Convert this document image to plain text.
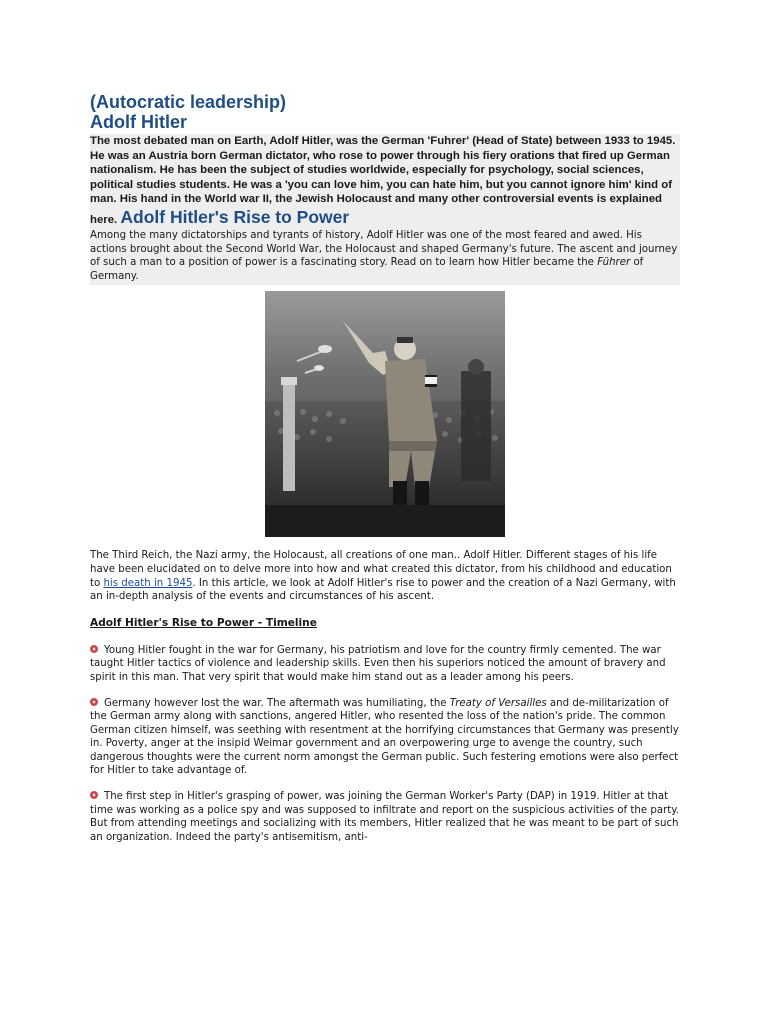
(Autocratic leadership)
Adolf Hitler
The most debated man on Earth, Adolf Hitler, was the German 'Fuhrer' (Head of State) between 1933 to 1945. He was an Austria born German dictator, who rose to power through his fiery orations that fired up German nationalism. He has been the subject of studies worldwide, especially for psychology, social sciences, political studies students. He was a 'you can love him, you can hate him, but you cannot ignore him' kind of man. His hand in the World war II, the Jewish Holocaust and many other controversial events is explained here. Adolf Hitler's Rise to Power
Among the many dictatorships and tyrants of history, Adolf Hitler was one of the most feared and awed. His actions brought about the Second World War, the Holocaust and shaped Germany's future. The ascent and journey of such a man to a position of power is a fascinating story. Read on to learn how Hitler became the Führer of Germany.

The Third Reich, the Nazi army, the Holocaust, all creations of one man.. Adolf Hitler. Different stages of his life have been elucidated on to delve more into how and what created this dictator, from his childhood and education to his death in 1945. In this article, we look at Adolf Hitler's rise to power and the creation of a Nazi Germany, with an in-depth analysis of the events and circumstances of his ascent.

Adolf Hitler's Rise to Power - Timeline

Young Hitler fought in the war for Germany, his patriotism and love for the country firmly cemented. The war taught Hitler tactics of violence and leadership skills. Even then his superiors noticed the amount of bravery and spirit in this man. That very spirit that would make him stand out as a leader among his peers.

Germany however lost the war. The aftermath was humiliating, the Treaty of Versailles and de-militarization of the German army along with sanctions, angered Hitler, who resented the loss of the nation's pride. The common German citizen himself, was seething with resentment at the horrifying circumstances that Germany was presently in. Poverty, anger at the insipid Weimar government and an overpowering urge to avenge the country, such dangerous thoughts were the current norm amongst the German public. Such festering emotions were also perfect for Hitler to take advantage of.

The first step in Hitler's grasping of power, was joining the German Worker's Party (DAP) in 1919. Hitler at that time was working as a police spy and was supposed to infiltrate and report on the suspicious activities of the party. But from attending meetings and socializing with its members, Hitler realized that he was meant to be part of such an organization. Indeed the party's antisemitism, anti-
